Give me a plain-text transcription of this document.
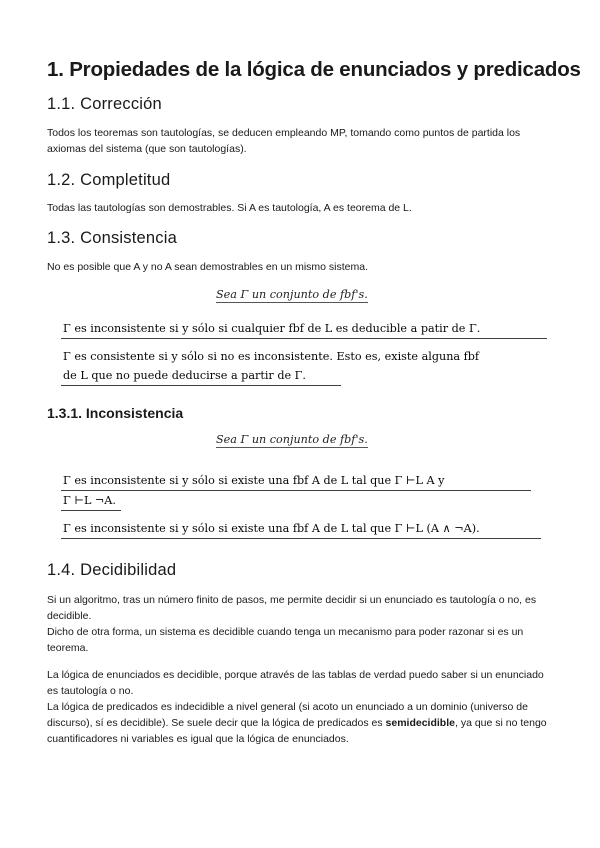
1. Propiedades de la lógica de enunciados y predicados
1.1. Corrección
Todos los teoremas son tautologías, se deducen empleando MP, tomando como puntos de partida los axiomas del sistema (que son tautologías).
1.2. Completitud
Todas las tautologías son demostrables. Si A es tautología, A es teorema de L.
1.3. Consistencia
No es posible que A y no A sean demostrables en un mismo sistema.
Sea Γ un conjunto de fbf's.
Γ es inconsistente si y sólo si cualquier fbf de L es deducible a patir de Γ.
Γ es consistente si y sólo si no es inconsistente. Esto es, existe alguna fbf
de L que no puede deducirse a partir de Γ.
1.3.1. Inconsistencia
Sea Γ un conjunto de fbf's.
Γ es inconsistente si y sólo si existe una fbf A de L tal que Γ ⊢L A y
Γ ⊢L ¬A.
Γ es inconsistente si y sólo si existe una fbf A de L tal que Γ ⊢L (A ∧ ¬A).
1.4. Decidibilidad
Si un algoritmo, tras un número finito de pasos, me permite decidir si un enunciado es tautología o no, es decidible.
Dicho de otra forma, un sistema es decidible cuando tenga un mecanismo para poder razonar si es un teorema.
La lógica de enunciados es decidible, porque através de las tablas de verdad puedo saber si un enunciado es tautología o no.
La lógica de predicados es indecidible a nivel general (si acoto un enunciado a un dominio (universo de discurso), sí es decidible). Se suele decir que la lógica de predicados es semidecidible, ya que si no tengo cuantificadores ni variables es igual que la lógica de enunciados.
